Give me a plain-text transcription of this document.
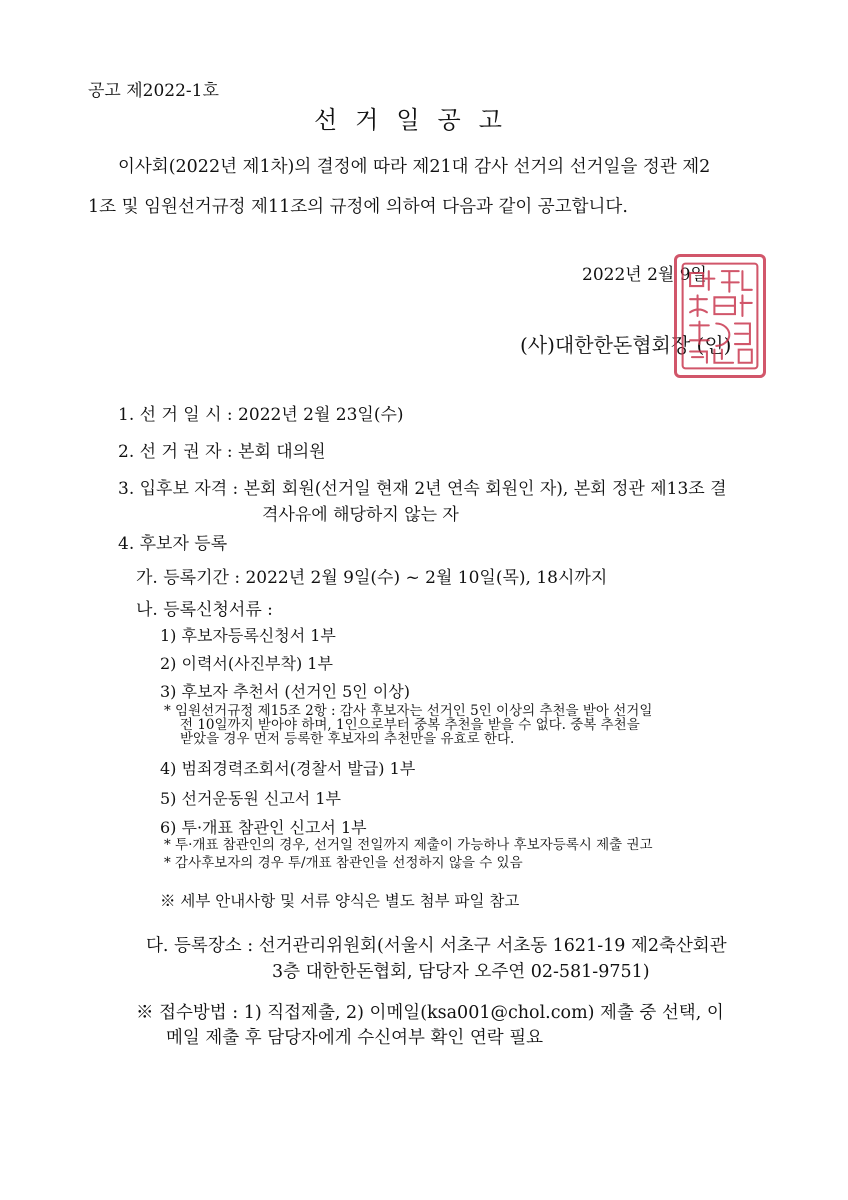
공고 제2022-1호
선거일공고
이사회(2022년 제1차)의 결정에 따라 제21대 감사 선거의 선거일을 정관 제2
1조 및 임원선거규정 제11조의 규정에 의하여 다음과 같이 공고합니다.
2022년 2월 9일
(사)대한한돈협회장 (인)
1. 선 거 일 시 : 2022년 2월 23일(수)
2. 선 거 권 자 : 본회 대의원
3. 입후보 자격 : 본회 회원(선거일 현재 2년 연속 회원인 자), 본회 정관 제13조 결
격사유에 해당하지 않는 자
4. 후보자 등록
가. 등록기간 : 2022년 2월 9일(수) ~ 2월 10일(목), 18시까지
나. 등록신청서류 :
1) 후보자등록신청서 1부
2) 이력서(사진부착) 1부
3) 후보자 추천서 (선거인 5인 이상)
* 임원선거규정 제15조 2항 : 감사 후보자는 선거인 5인 이상의 추천을 받아 선거일
전 10일까지 받아야 하며, 1인으로부터 중복 추천을 받을 수 없다. 중복 추천을
받았을 경우 먼저 등록한 후보자의 추천만을 유효로 한다.
4) 범죄경력조회서(경찰서 발급) 1부
5) 선거운동원 신고서 1부
6) 투·개표 참관인 신고서 1부
* 투·개표 참관인의 경우, 선거일 전일까지 제출이 가능하나 후보자등록시 제출 권고
* 감사후보자의 경우 투/개표 참관인을 선정하지 않을 수 있음
※ 세부 안내사항 및 서류 양식은 별도 첨부 파일 참고
다. 등록장소 : 선거관리위원회(서울시 서초구 서초동 1621-19 제2축산회관
3층 대한한돈협회, 담당자 오주연 02-581-9751)
※ 접수방법 : 1) 직접제출, 2) 이메일(ksa001@chol.com) 제출 중 선택, 이
메일 제출 후 담당자에게 수신여부 확인 연락 필요
